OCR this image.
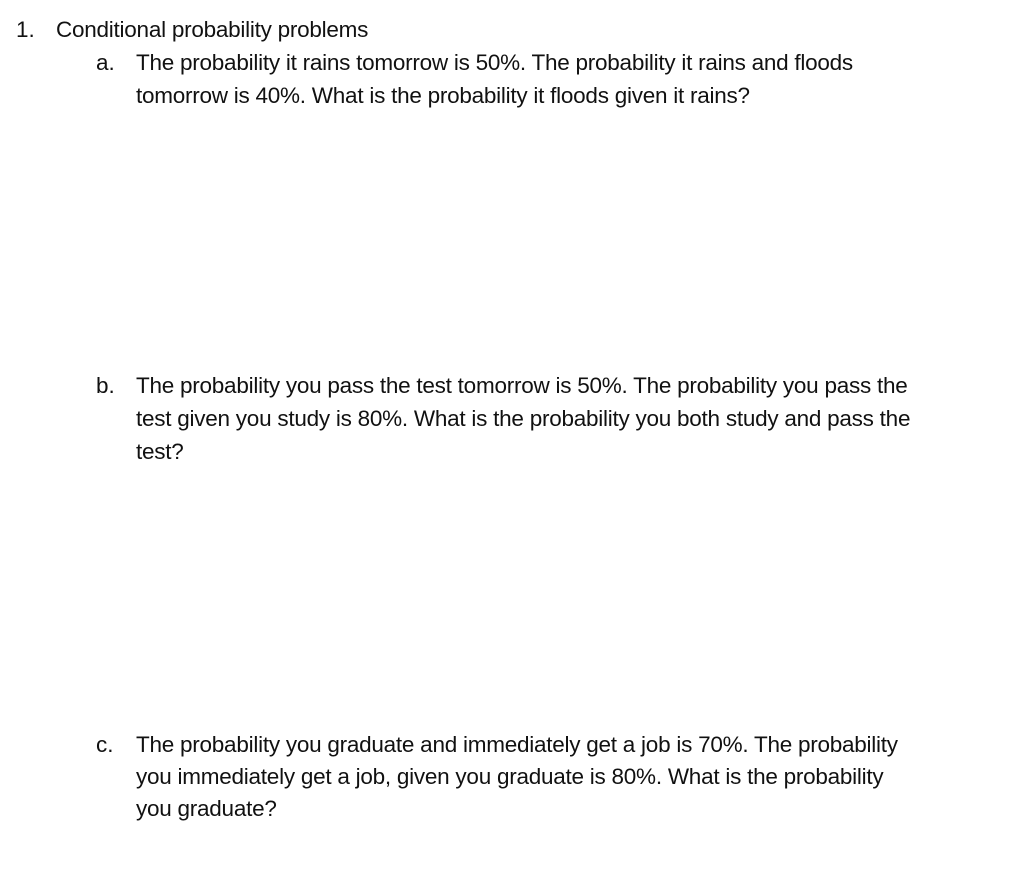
1. Conditional probability problems
a. The probability it rains tomorrow is 50%. The probability it rains and floods
tomorrow is 40%. What is the probability it floods given it rains?
b. The probability you pass the test tomorrow is 50%. The probability you pass the
test given you study is 80%. What is the probability you both study and pass the
test?
c. The probability you graduate and immediately get a job is 70%. The probability
you immediately get a job, given you graduate is 80%. What is the probability
you graduate?
